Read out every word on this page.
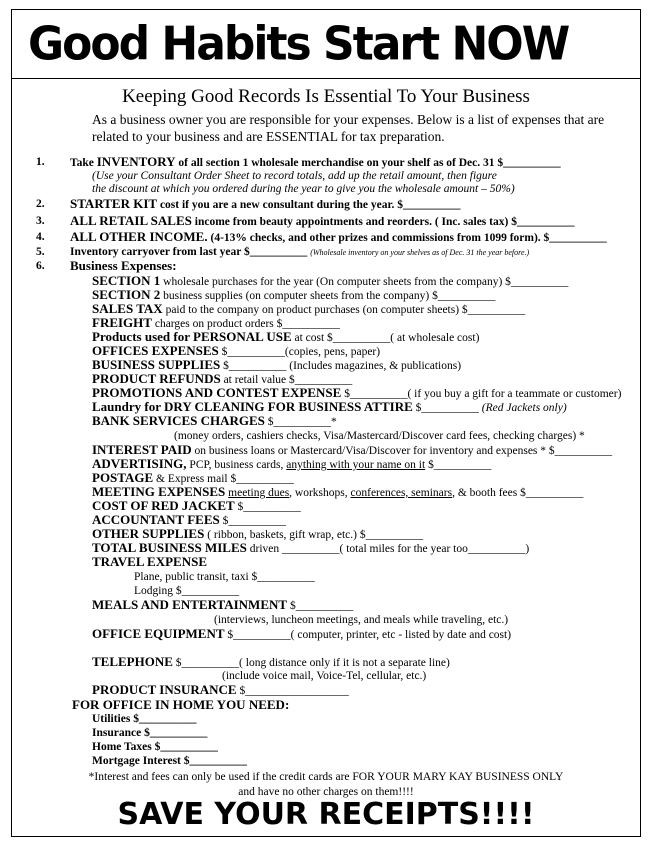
Good Habits Start NOW
Keeping Good Records Is Essential To Your Business
As a business owner you are responsible for your expenses. Below is a list of expenses that are related to your business and are ESSENTIAL for tax preparation.
1. Take INVENTORY of all section 1 wholesale merchandise on your shelf as of Dec. 31 $__________
(Use your Consultant Order Sheet to record totals, add up the retail amount, then figure
the discount at which you ordered during the year to give you the wholesale amount – 50%)
2. STARTER KIT cost if you are a new consultant during the year. $__________
3. ALL RETAIL SALES income from beauty appointments and reorders. ( Inc. sales tax) $__________
4. ALL OTHER INCOME. (4-13% checks, and other prizes and commissions from 1099 form). $__________
5. Inventory carryover from last year $__________ (Wholesale inventory on your shelves as of Dec. 31 the year before.)
6. Business Expenses:
SECTION 1 wholesale purchases for the year (On computer sheets from the company) $__________
SECTION 2 business supplies (on computer sheets from the company) $__________
SALES TAX paid to the company on product purchases (on computer sheets) $__________
FREIGHT charges on product orders $__________
Products used for PERSONAL USE at cost $__________( at wholesale cost)
OFFICES EXPENSES $__________(copies, pens, paper)
BUSINESS SUPPLIES $__________ (Includes magazines, & publications)
PRODUCT REFUNDS at retail value $__________
PROMOTIONS AND CONTEST EXPENSE $__________( if you buy a gift for a teammate or customer)
Laundry for DRY CLEANING FOR BUSINESS ATTIRE $__________ (Red Jackets only)
BANK SERVICES CHARGES $__________*
(money orders, cashiers checks, Visa/Mastercard/Discover card fees, checking charges) *
INTEREST PAID on business loans or Mastercard/Visa/Discover for inventory and expenses * $__________
ADVERTISING, PCP, business cards, anything with your name on it $__________
POSTAGE & Express mail $__________
MEETING EXPENSES meeting dues, workshops, conferences, seminars, & booth fees $__________
COST OF RED JACKET $__________
ACCOUNTANT FEES $__________
OTHER SUPPLIES ( ribbon, baskets, gift wrap, etc.) $__________
TOTAL BUSINESS MILES driven __________( total miles for the year too__________)
TRAVEL EXPENSE
Plane, public transit, taxi $__________
Lodging $__________
MEALS AND ENTERTAINMENT $__________
(interviews, luncheon meetings, and meals while traveling, etc.)
OFFICE EQUIPMENT $__________( computer, printer, etc - listed by date and cost)
TELEPHONE $__________( long distance only if it is not a separate line)
(include voice mail, Voice-Tel, cellular, etc.)
PRODUCT INSURANCE $__________________
FOR OFFICE IN HOME YOU NEED:
Utilities $__________
Insurance $__________
Home Taxes $__________
Mortgage Interest $__________
*Interest and fees can only be used if the credit cards are FOR YOUR MARY KAY BUSINESS ONLY
and have no other charges on them!!!!
SAVE YOUR RECEIPTS!!!!
